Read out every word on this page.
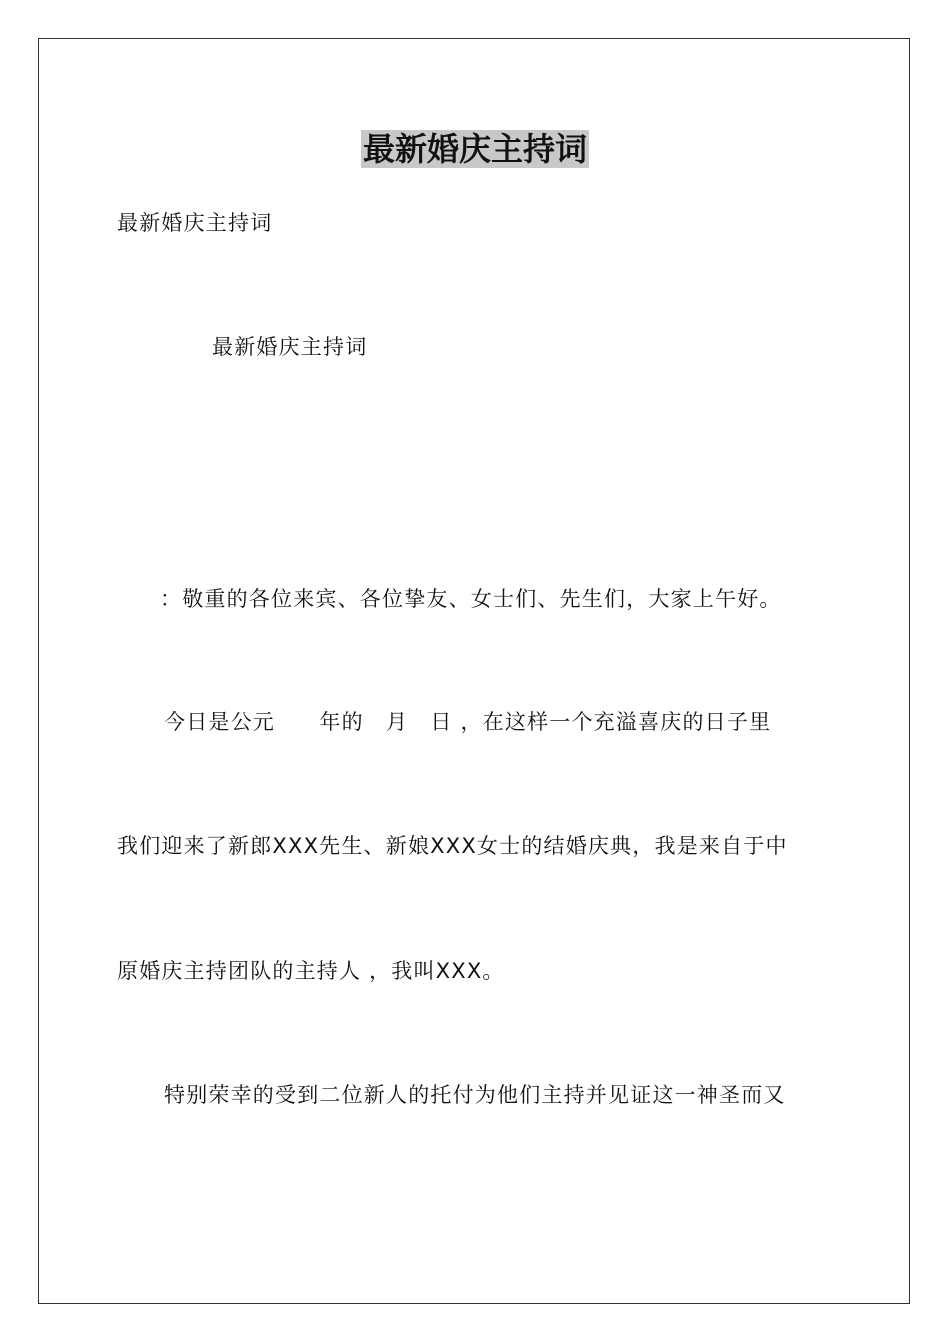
最新婚庆主持词
最新婚庆主持词
最新婚庆主持词
：敬重的各位来宾、各位挚友、女士们、先生们，大家上午好。
今日是公元　　年的　月　日 ，在这样一个充溢喜庆的日子里
我们迎来了新郎XXX先生、新娘XXX女士的结婚庆典，我是来自于中
原婚庆主持团队的主持人 ，我叫XXX。
特别荣幸的受到二位新人的托付为他们主持并见证这一神圣而又
